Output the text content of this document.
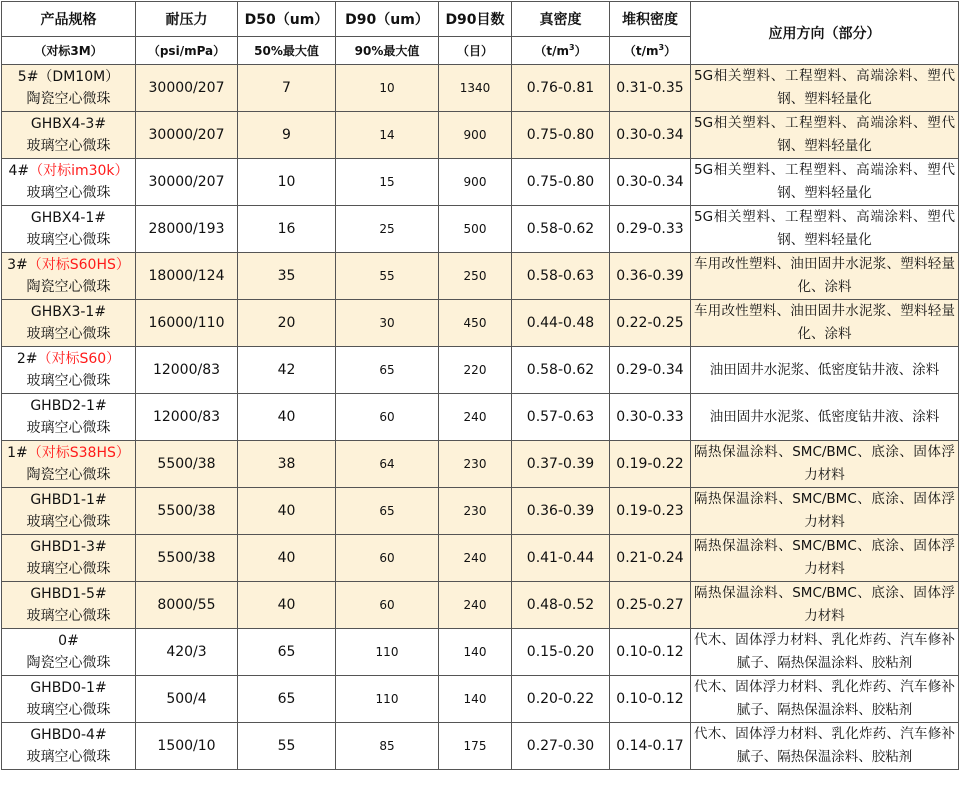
产品规格	耐压力	D50（um）	D90（um）	D90目数	真密度	堆积密度	应用方向（部分）
（对标3M）	（psi/mPa）	50%最大值	90%最大值	（目）	$(t/m^3)$	$(t/m^3)$	

5#（DM10M）
陶瓷空心微珠	30000/207	7	10	1340	0.76-0.81	0.31-0.35	5G相关塑料、工程塑料、高端涂料、塑代钢、塑料轻量化

GHBX4-3#
玻璃空心微珠	30000/207	9	14	900	0.75-0.80	0.30-0.34	5G相关塑料、工程塑料、高端涂料、塑代钢、塑料轻量化

4#（对标im30k）
玻璃空心微珠	30000/207	10	15	900	0.75-0.80	0.30-0.34	5G相关塑料、工程塑料、高端涂料、塑代钢、塑料轻量化

GHBX4-1#
玻璃空心微珠	28000/193	16	25	500	0.58-0.62	0.29-0.33	5G相关塑料、工程塑料、高端涂料、塑代钢、塑料轻量化

3#（对标S60HS）
陶瓷空心微珠	18000/124	35	55	250	0.58-0.63	0.36-0.39	车用改性塑料、油田固井水泥浆、塑料轻量化、涂料

GHBX3-1#
玻璃空心微珠	16000/110	20	30	450	0.44-0.48	0.22-0.25	车用改性塑料、油田固井水泥浆、塑料轻量化、涂料

2#（对标S60）
玻璃空心微珠	12000/83	42	65	220	0.58-0.62	0.29-0.34	油田固井水泥浆、低密度钻井液、涂料

GHBD2-1#
玻璃空心微珠	12000/83	40	60	240	0.57-0.63	0.30-0.33	油田固井水泥浆、低密度钻井液、涂料

1#（对标S38HS）
陶瓷空心微珠	5500/38	38	64	230	0.37-0.39	0.19-0.22	隔热保温涂料、SMC/BMC、底涂、固体浮力材料

GHBD1-1#
玻璃空心微珠	5500/38	40	65	230	0.36-0.39	0.19-0.23	隔热保温涂料、SMC/BMC、底涂、固体浮力材料

GHBD1-3#
玻璃空心微珠	5500/38	40	60	240	0.41-0.44	0.21-0.24	隔热保温涂料、SMC/BMC、底涂、固体浮力材料

GHBD1-5#
玻璃空心微珠	8000/55	40	60	240	0.48-0.52	0.25-0.27	隔热保温涂料、SMC/BMC、底涂、固体浮力材料

0#
陶瓷空心微珠	420/3	65	110	140	0.15-0.20	0.10-0.12	代木、固体浮力材料、乳化炸药、汽车修补腻子、隔热保温涂料、胶粘剂

GHBD0-1#
玻璃空心微珠	500/4	65	110	140	0.20-0.22	0.10-0.12	代木、固体浮力材料、乳化炸药、汽车修补腻子、隔热保温涂料、胶粘剂

GHBD0-4#
玻璃空心微珠	1500/10	55	85	175	0.27-0.30	0.14-0.17	代木、固体浮力材料、乳化炸药、汽车修补腻子、隔热保温涂料、胶粘剂
